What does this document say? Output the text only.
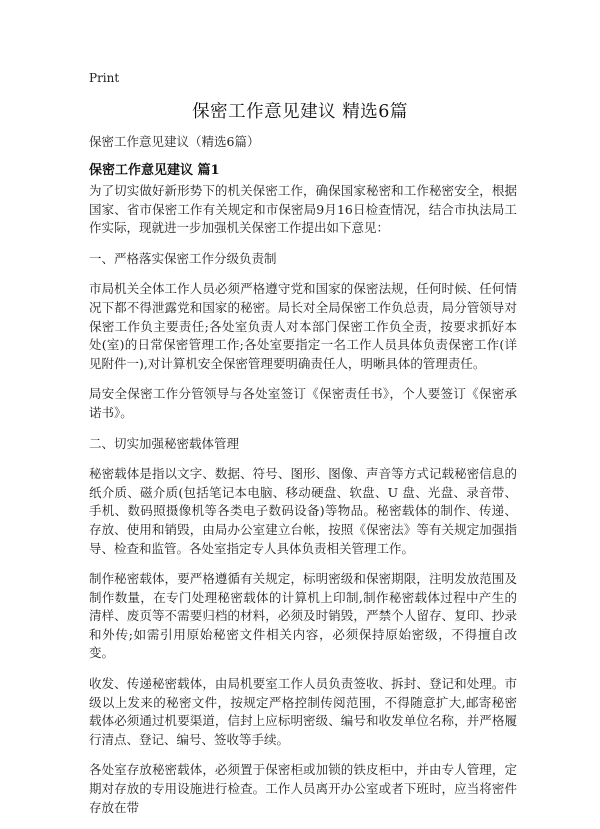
Print
保密工作意见建议 精选6篇
保密工作意见建议（精选6篇）
保密工作意见建议 篇1

为了切实做好新形势下的机关保密工作，确保国家秘密和工作秘密安全，根据国家、省市保密工作有关规定和市保密局9月16日检查情况，结合市执法局工作实际，现就进一步加强机关保密工作提出如下意见：

一、严格落实保密工作分级负责制

市局机关全体工作人员必须严格遵守党和国家的保密法规，任何时候、任何情况下都不得泄露党和国家的秘密。局长对全局保密工作负总责，局分管领导对保密工作负主要责任;各处室负责人对本部门保密工作负全责，按要求抓好本处(室)的日常保密管理工作;各处室要指定一名工作人员具体负责保密工作(详见附件一),对计算机安全保密管理要明确责任人，明晰具体的管理责任。

局安全保密工作分管领导与各处室签订《保密责任书》，个人要签订《保密承诺书》。

二、切实加强秘密载体管理

秘密载体是指以文字、数据、符号、图形、图像、声音等方式记载秘密信息的纸介质、磁介质(包括笔记本电脑、移动硬盘、软盘、U 盘、光盘、录音带、手机、数码照摄像机等各类电子数码设备)等物品。秘密载体的制作、传递、存放、使用和销毁，由局办公室建立台帐，按照《保密法》等有关规定加强指导、检查和监管。各处室指定专人具体负责相关管理工作。

制作秘密载体，要严格遵循有关规定，标明密级和保密期限，注明发放范围及制作数量，在专门处理秘密载体的计算机上印制,制作秘密载体过程中产生的清样、废页等不需要归档的材料，必须及时销毁，严禁个人留存、复印、抄录和外传;如需引用原始秘密文件相关内容，必须保持原始密级，不得擅自改变。

收发、传递秘密载体，由局机要室工作人员负责签收、拆封、登记和处理。市级以上发来的秘密文件，按规定严格控制传阅范围，不得随意扩大,邮寄秘密载体必须通过机要渠道，信封上应标明密级、编号和收发单位名称，并严格履行清点、登记、编号、签收等手续。

各处室存放秘密载体，必须置于保密柜或加锁的铁皮柜中，并由专人管理，定期对存放的专用设施进行检查。工作人员离开办公室或者下班时，应当将密件存放在带
